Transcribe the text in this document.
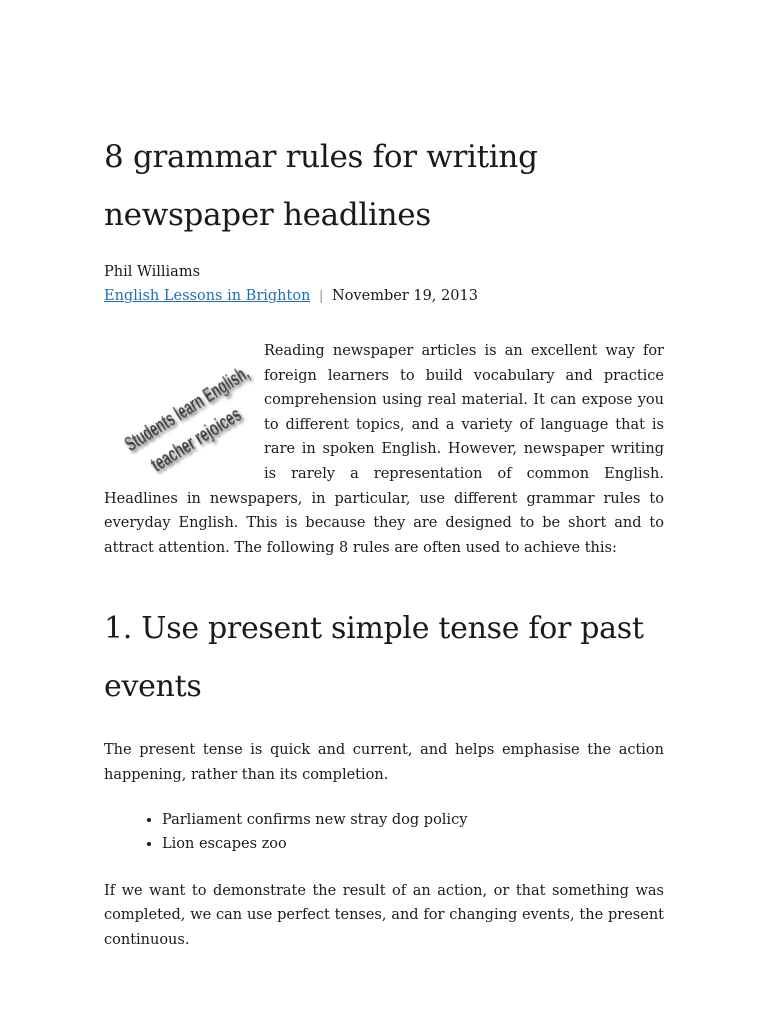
8 grammar rules for writing newspaper headlines
Phil Williams
English Lessons in Brighton | November 19, 2013
Students learn English,
teacher rejoices
Reading newspaper articles is an excellent way for foreign learners to build vocabulary and practice comprehension using real material. It can expose you to different topics, and a variety of language that is rare in spoken English. However, newspaper writing is rarely a representation of common English. Headlines in newspapers, in particular, use different grammar rules to everyday English. This is because they are designed to be short and to attract attention. The following 8 rules are often used to achieve this:
1. Use present simple tense for past events

The present tense is quick and current, and helps emphasise the action happening, rather than its completion.

• Parliament confirms new stray dog policy
• Lion escapes zoo

If we want to demonstrate the result of an action, or that something was completed, we can use perfect tenses, and for changing events, the present continuous.
